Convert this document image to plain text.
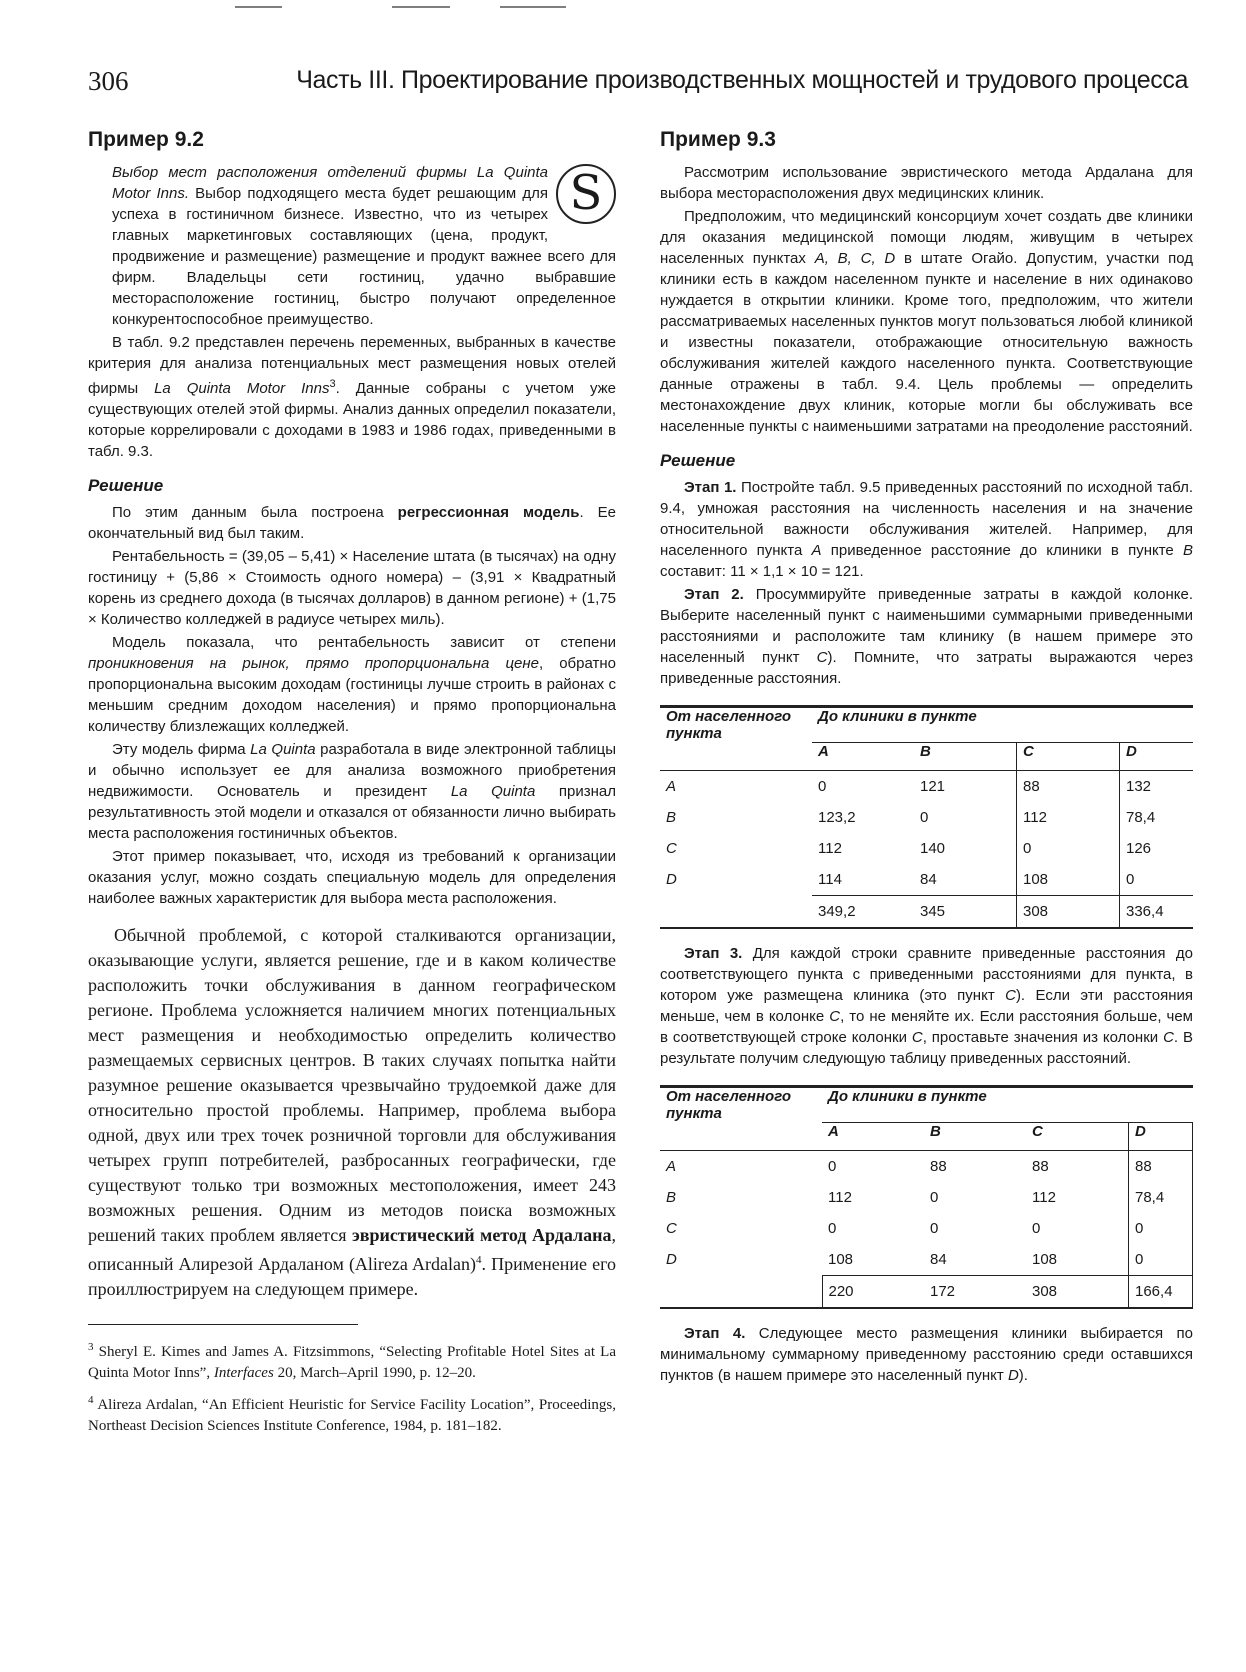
306	Часть III. Проектирование производственных мощностей и трудового процесса
Пример 9.2

S
Выбор мест расположения отделений фирмы La Quinta Motor Inns. Выбор подходящего места будет решающим для успеха в гостиничном бизнесе. Известно, что из четырех главных маркетинговых составляющих (цена, продукт, продвижение и размещение) размещение и продукт важнее всего для фирм. Владельцы сети гостиниц, удачно выбравшие месторасположение гостиниц, быстро получают определенное конкурентоспособное преимущество.

В табл. 9.2 представлен перечень переменных, выбранных в качестве критерия для анализа потенциальных мест размещения новых отелей фирмы La Quinta Motor Inns$^3$. Данные собраны с учетом уже существующих отелей этой фирмы. Анализ данных определил показатели, которые коррелировали с доходами в 1983 и 1986 годах, приведенными в табл. 9.3.

Решение

По этим данным была построена регрессионная модель. Ее окончательный вид был таким.

Рентабельность = (39,05 – 5,41) × Население штата (в тысячах) на одну гостиницу + (5,86 × Стоимость одного номера) – (3,91 × Квадратный корень из среднего дохода (в тысячах долларов) в данном регионе) + (1,75 × Количество колледжей в радиусе четырех миль).

Модель показала, что рентабельность зависит от степени проникновения на рынок, прямо пропорциональна цене, обратно пропорциональна высоким доходам (гостиницы лучше строить в районах с меньшим средним доходом населения) и прямо пропорциональна количеству близлежащих колледжей.

Эту модель фирма La Quinta разработала в виде электронной таблицы и обычно использует ее для анализа возможного приобретения недвижимости. Основатель и президент La Quinta признал результативность этой модели и отказался от обязанности лично выбирать места расположения гостиничных объектов.

Этот пример показывает, что, исходя из требований к организации оказания услуг, можно создать специальную модель для определения наиболее важных характеристик для выбора места расположения.

Обычной проблемой, с которой сталкиваются организации, оказывающие услуги, является решение, где и в каком количестве расположить точки обслуживания в данном географическом регионе. Проблема усложняется наличием многих потенциальных мест размещения и необходимостью определить количество размещаемых сервисных центров. В таких случаях попытка найти разумное решение оказывается чрезвычайно трудоемкой даже для относительно простой проблемы. Например, проблема выбора одной, двух или трех точек розничной торговли для обслуживания четырех групп потребителей, разбросанных географически, где существуют только три возможных местоположения, имеет 243 возможных решения. Одним из методов поиска возможных решений таких проблем является эвристический метод Ардалана, описанный Алирезой Ардаланом (Alireza Ardalan)$^4$. Применение его проиллюстрируем на следующем примере.

$^3$ Sheryl E. Kimes and James A. Fitzsimmons, “Selecting Profitable Hotel Sites at La Quinta Motor Inns”, Interfaces 20, March–April 1990, p. 12–20.

$^4$ Alireza Ardalan, “An Efficient Heuristic for Service Facility Location”, Proceedings, Northeast Decision Sciences Institute Conference, 1984, p. 181–182.

Пример 9.3

Рассмотрим использование эвристического метода Ардалана для выбора месторасположения двух медицинских клиник.

Предположим, что медицинский консорциум хочет создать две клиники для оказания медицинской помощи людям, живущим в четырех населенных пунктах A, B, C, D в штате Огайо. Допустим, участки под клиники есть в каждом населенном пункте и население в них одинаково нуждается в открытии клиники. Кроме того, предположим, что жители рассматриваемых населенных пунктов могут пользоваться любой клиникой и известны показатели, отображающие относительную важность обслуживания жителей каждого населенного пункта. Соответствующие данные отражены в табл. 9.4. Цель проблемы — определить местонахождение двух клиник, которые могли бы обслуживать все населенные пункты с наименьшими затратами на преодоление расстояний.

Решение

Этап 1. Постройте табл. 9.5 приведенных расстояний по исходной табл. 9.4, умножая расстояния на численность населения и на значение относительной важности обслуживания жителей. Например, для населенного пункта A приведенное расстояние до клиники в пункте B составит: 11 × 1,1 × 10 = 121.

Этап 2. Просуммируйте приведенные затраты в каждой колонке. Выберите населенный пункт с наименьшими суммарными приведенными расстояниями и расположите там клинику (в нашем примере это населенный пункт C). Помните, что затраты выражаются через приведенные расстояния.

От населенного пункта	До клиники в пункте			
	A	B	C	D
A	0	121	88	132
B	123,2	0	112	78,4
C	112	140	0	126
D	114	84	108	0
	349,2	345	308	336,4

Этап 3. Для каждой строки сравните приведенные расстояния до соответствующего пункта с приведенными расстояниями для пункта, в котором уже размещена клиника (это пункт C). Если эти расстояния меньше, чем в колонке C, то не меняйте их. Если расстояния больше, чем в соответствующей строке колонки C, проставьте значения из колонки C. В результате получим следующую таблицу приведенных расстояний.

От населенного пункта	До клиники в пункте			
	A	B	C	D
A	0	88	88	88
B	112	0	112	78,4
C	0	0	0	0
D	108	84	108	0
	220	172	308	166,4

Этап 4. Следующее место размещения клиники выбирается по минимальному суммарному приведенному расстоянию среди оставшихся пунктов (в нашем примере это населенный пункт D).
